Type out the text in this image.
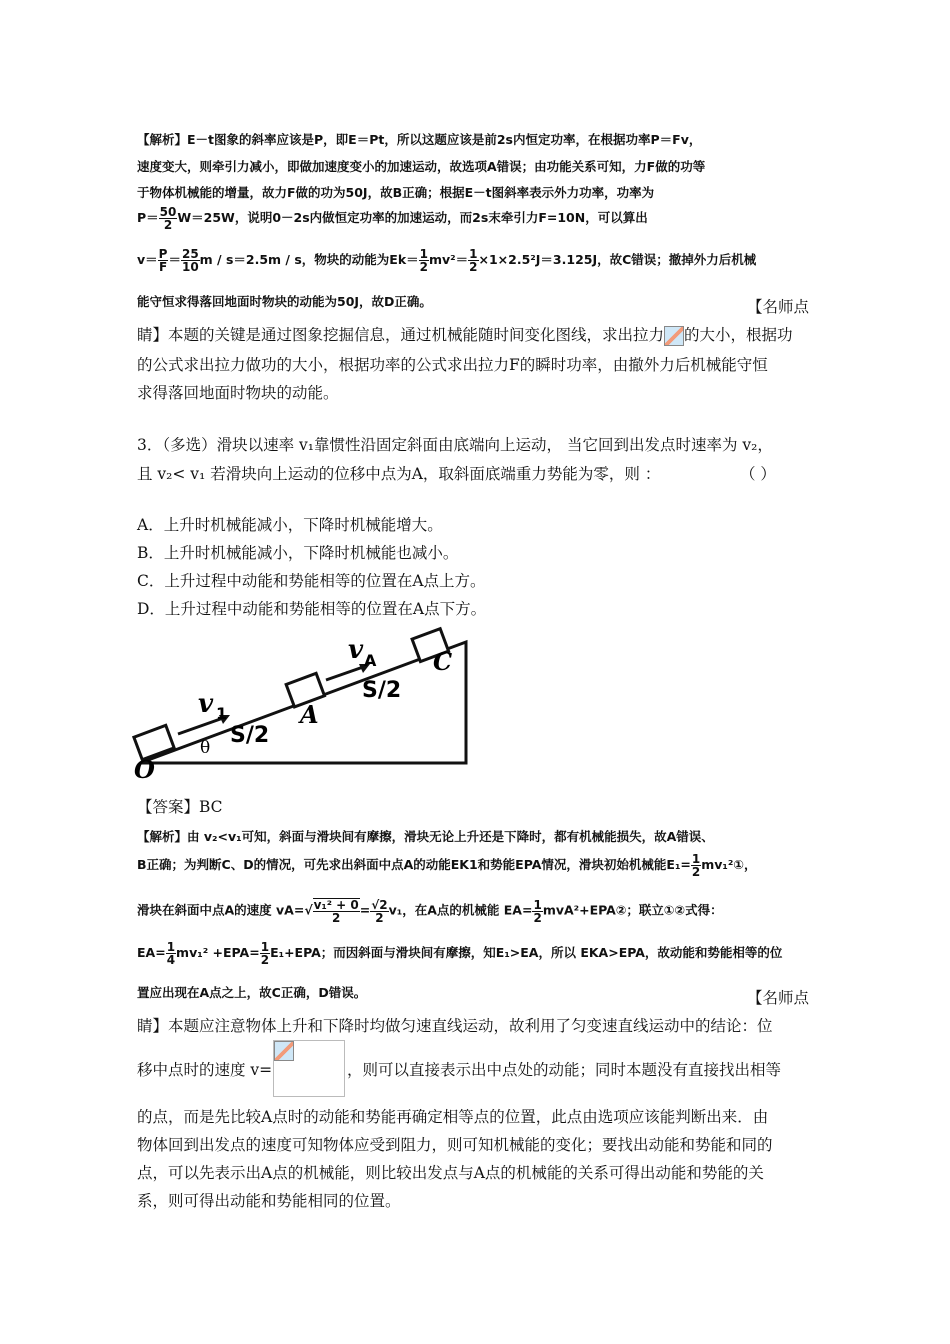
【解析】E－t图象的斜率应该是P，即E＝Pt，所以这题应该是前2s内恒定功率，在根据功率P＝Fv，
速度变大，则牵引力减小，即做加速度变小的加速运动，故选项A错误；由功能关系可知，力F做的功等
于物体机械能的增量，故力F做的功为50J，故B正确；根据E－t图斜率表示外力功率，功率为
$P= \frac{50}{2} W=25W$，说明0－2s内做恒定功率的加速运动，而2s末牵引力F=10N，可以算出
$v= \frac{P}{F} = \frac{25}{10}$ m / s＝2.5m / s，物块的动能为$Ek= \frac{1}{2} mv^2= \frac{1}{2} \times 1\times 2.5^2J=3.125J$，故C错误；撤掉外力后机械
能守恒求得落回地面时物块的动能为50J，故D正确。	【名师点
睛】本题的关键是通过图象挖掘信息，通过机械能随时间变化图线，求出拉力 的大小，根据功
的公式求出拉力做功的大小，根据功率的公式求出拉力F的瞬时功率，由撤外力后机械能守恒
求得落回地面时物块的动能。
3．（多选）滑块以速率 v₁靠惯性沿固定斜面由底端向上运动， 当它回到出发点时速率为 v₂，
且 v₂< v₁ 若滑块向上运动的位移中点为A，取斜面底端重力势能为零，则 ：	（ ）
A．上升时机械能减小，下降时机械能增大。
B．上升时机械能减小，下降时机械能也减小。
C．上升过程中动能和势能相等的位置在A点上方。
D．上升过程中动能和势能相等的位置在A点下方。
O
θ
v 1
S/2
A
v A
S/2
C
【答案】BC
【解析】由 v₂<v₁可知，斜面与滑块间有摩擦，滑块无论上升还是下降时，都有机械能损失，故A错误、
B正确；为判断C、D的情况，可先求出斜面中点A的动能EK1和势能EPA情况，滑块初始机械能$E_1= \frac{1}{2}$ mv₁²①，
滑块在斜面中点A的速度 $vA=√ \frac{\text{v₁² + 0}}{2} = \frac{√2}{2} v_1$，在A点的机械能 $EA= \frac{1}{2}$ mvA²+EPA②；联立①②式得：
$EA= \frac{1}{4} mv_1^2 +EPA= \frac{1}{2} E_1+EPA$；而因斜面与滑块间有摩擦，知E₁>EA，所以 EKA>EPA，故动能和势能相等的位
置应出现在A点之上，故C正确，D错误。	【名师点
睛】本题应注意物体上升和下降时均做匀速直线运动，故利用了匀变速直线运动中的结论：位
移中点时的速度 v=	，则可以直接表示出中点处的动能；同时本题没有直接找出相等
的点，而是先比较A点时的动能和势能再确定相等点的位置，此点由选项应该能判断出来．由
物体回到出发点的速度可知物体应受到阻力，则可知机械能的变化；要找出动能和势能和同的
点，可以先表示出A点的机械能，则比较出发点与A点的机械能的关系可得出动能和势能的关
系，则可得出动能和势能相同的位置。
